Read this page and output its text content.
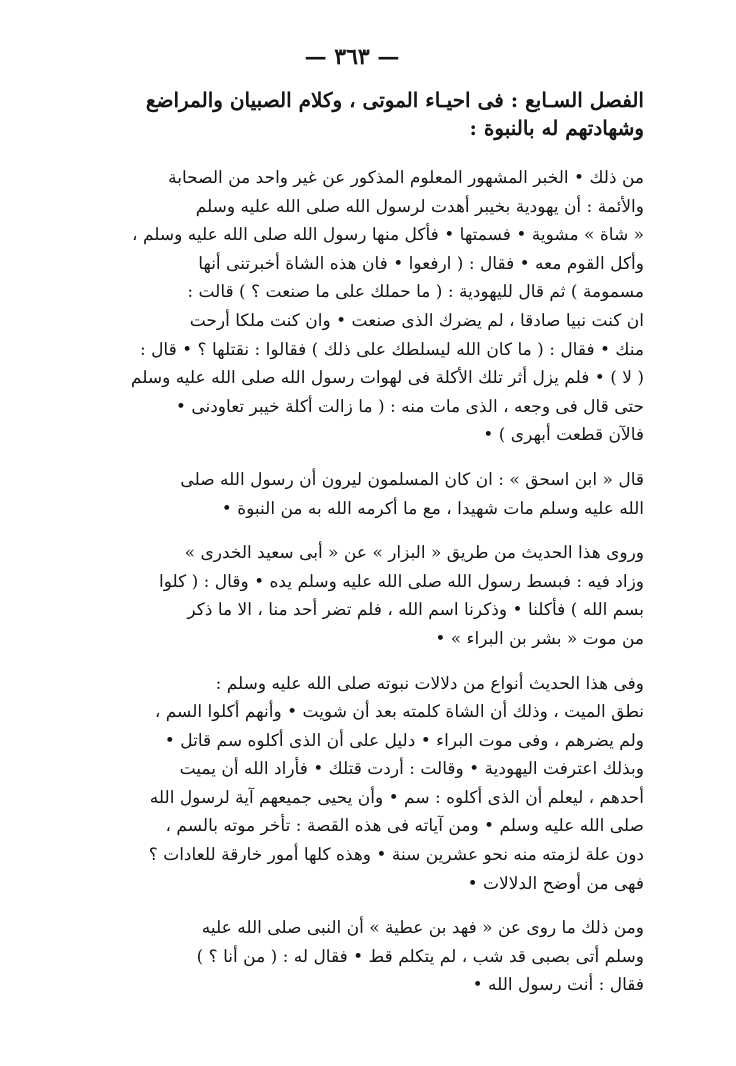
— ٣٦٣ —
الفصل السـابع : فى احيـاء الموتى ، وكلام الصبيان والمراضع
وشهادتهم له بالنبوة :
من ذلك • الخبر المشهور المعلوم المذكور عن غير واحد من الصحابة
والأئمة : أن يهودية بخيبر أهدت لرسول الله صلى الله عليه وسلم
« شاة » مشوية • فسمتها • فأكل منها رسول الله صلى الله عليه وسلم ،
وأكل القوم معه • فقال : ( ارفعوا • فان هذه الشاة أخبرتنى أنها
مسمومة ) ثم قال لليهودية : ( ما حملك على ما صنعت ؟ ) قالت :
ان كنت نبيا صادقا ، لم يضرك الذى صنعت • وان كنت ملكا أرحت
منك • فقال : ( ما كان الله ليسلطك على ذلك ) فقالوا : نقتلها ؟ • قال :
( لا ) • فلم يزل أثر تلك الأكلة فى لهوات رسول الله صلى الله عليه وسلم
حتى قال فى وجعه ، الذى مات منه : ( ما زالت أكلة خيبر تعاودنى •
فالآن قطعت أبهرى ) •
قال « ابن اسحق » : ان كان المسلمون ليرون أن رسول الله صلى
الله عليه وسلم مات شهيدا ، مع ما أكرمه الله به من النبوة •
وروى هذا الحديث من طريق « البزار » عن « أبى سعيد الخدرى »
وزاد فيه : فبسط رسول الله صلى الله عليه وسلم يده • وقال : ( كلوا
بسم الله ) فأكلنا • وذكرنا اسم الله ، فلم تضر أحد منا ، الا ما ذكر
من موت « بشر بن البراء » •
وفى هذا الحديث أنواع من دلالات نبوته صلى الله عليه وسلم :
نطق الميت ، وذلك أن الشاة كلمته بعد أن شويت • وأنهم أكلوا السم ،
ولم يضرهم ، وفى موت البراء • دليل على أن الذى أكلوه سم قاتل •
وبذلك اعترفت اليهودية • وقالت : أردت قتلك • فأراد الله أن يميت
أحدهم ، ليعلم أن الذى أكلوه : سم • وأن يحيى جميعهم آية لرسول الله
صلى الله عليه وسلم • ومن آياته فى هذه القصة : تأخر موته بالسم ،
دون علة لزمته منه نحو عشرين سنة • وهذه كلها أمور خارقة للعادات ؟
فهى من أوضح الدلالات •
ومن ذلك ما روى عن « فهد بن عطية » أن النبى صلى الله عليه
وسلم أتى بصبى قد شب ، لم يتكلم قط • فقال له : ( من أنا ؟ )
فقال : أنت رسول الله •
